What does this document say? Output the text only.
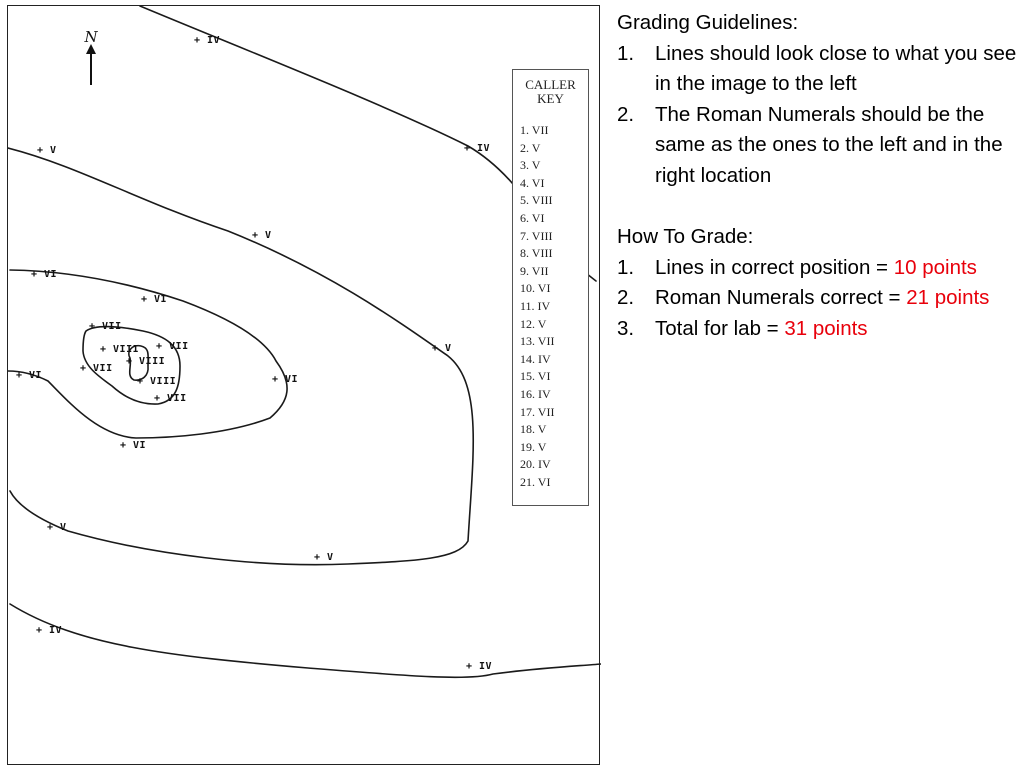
N	+ IV
+ IV
+ V
+ V
+ VI
+ VI
+ VII
+ VII
+ VIII
+ VII
+ VIII
+ VI
+ VII
+ VIII	+ VI
+ V
+ VI
+ V
+ V
+ IV
+ IV
CALLER
KEY
1. VII
2. V
3. V
4. VI
5. VIII
6. VI
7. VIII
8. VIII
9. VII
10. VI
11. IV
12. V
13. VII
14. IV
15. VI
16. IV
17. VII
18. V
19. V
20. IV
21. VI

Grading Guidelines:

1. Lines should look close to what you see in the image to the left
2. The Roman Numerals should be the same as the ones to the left and in the right location

How To Grade:

1. Lines in correct position = 10 points
2. Roman Numerals correct = 21 points
3. Total for lab = 31 points
